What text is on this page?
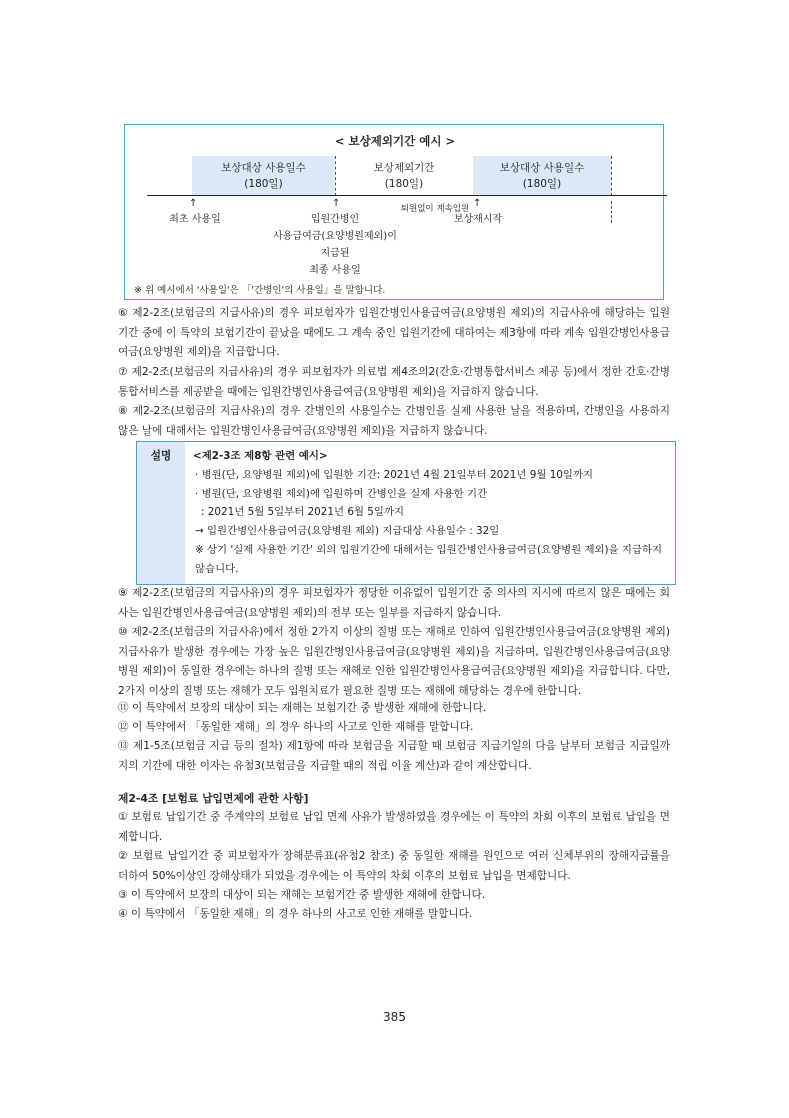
< 보상제외기간 예시 >
보상대상 사용일수
(180일)
보상제외기간
(180일)
보상대상 사용일수
(180일)
↑	↑	↑
최초 사용일	입원간병인
사용급여금(요양병원제외)이
지급된
최종 사용일
퇴원없이 계속입원
보상재시작
※ 위 예시에서 '사용일'은 「'간병인'의 사용일」을 말합니다.
⑥ 제2-2조(보험금의 지급사유)의 경우 피보험자가 입원간병인사용급여금(요양병원 제외)의 지급사유에 해당하는 입원기간 중에 이 특약의 보험기간이 끝났을 때에도 그 계속 중인 입원기간에 대하여는 제3항에 따라 계속 입원간병인사용급여금(요양병원 제외)을 지급합니다.
⑦ 제2-2조(보험금의 지급사유)의 경우 피보험자가 의료법 제4조의2(간호·간병통합서비스 제공 등)에서 정한 간호·간병통합서비스를 제공받을 때에는 입원간병인사용급여금(요양병원 제외)을 지급하지 않습니다.
⑧ 제2-2조(보험금의 지급사유)의 경우 간병인의 사용일수는 간병인을 실제 사용한 날을 적용하며, 간병인을 사용하지 않은 날에 대해서는 입원간병인사용급여금(요양병원 제외)을 지급하지 않습니다.
설명	<제2-3조 제8항 관련 예시>
· 병원(단, 요양병원 제외)에 입원한 기간: 2021년 4월 21일부터 2021년 9월 10일까지
· 병원(단, 요양병원 제외)에 입원하며 간병인을 실제 사용한 기간
: 2021년 5월 5일부터 2021년 6월 5일까지
→ 입원간병인사용급여금(요양병원 제외) 지급대상 사용일수 : 32일
※ 상기 '실제 사용한 기간' 외의 입원기간에 대해서는 입원간병인사용급여금(요양병원 제외)을 지급하지 않습니다.
⑨ 제2-2조(보험금의 지급사유)의 경우 피보험자가 정당한 이유없이 입원기간 중 의사의 지시에 따르지 않은 때에는 회사는 입원간병인사용급여금(요양병원 제외)의 전부 또는 일부를 지급하지 않습니다.
⑩ 제2-2조(보험금의 지급사유)에서 정한 2가지 이상의 질병 또는 재해로 인하여 입원간병인사용급여금(요양병원 제외) 지급사유가 발생한 경우에는 가장 높은 입원간병인사용급여금(요양병원 제외)을 지급하며, 입원간병인사용급여금(요양병원 제외)이 동일한 경우에는 하나의 질병 또는 재해로 인한 입원간병인사용급여금(요양병원 제외)을 지급합니다. 다만, 2가지 이상의 질병 또는 재해가 모두 입원치료가 필요한 질병 또는 재해에 해당하는 경우에 한합니다.
⑪ 이 특약에서 보장의 대상이 되는 재해는 보험기간 중 발생한 재해에 한합니다.
⑫ 이 특약에서 「동일한 재해」의 경우 하나의 사고로 인한 재해를 말합니다.
⑬ 제1-5조(보험금 지급 등의 절차) 제1항에 따라 보험금을 지급할 때 보험금 지급기일의 다음 날부터 보험금 지급일까지의 기간에 대한 이자는 유첨3(보험금을 지급할 때의 적립 이율 계산)과 같이 계산합니다.
제2-4조 [보험료 납입면제에 관한 사항]
① 보험료 납입기간 중 주계약의 보험료 납입 면제 사유가 발생하였을 경우에는 이 특약의 차회 이후의 보험료 납입을 면제합니다.
② 보험료 납입기간 중 피보험자가 장해분류표(유첨2 참조) 중 동일한 재해를 원인으로 여러 신체부위의 장해지급률을 더하여 50%이상인 장해상태가 되었을 경우에는 이 특약의 차회 이후의 보험료 납입을 면제합니다.
③ 이 특약에서 보장의 대상이 되는 재해는 보험기간 중 발생한 재해에 한합니다.
④ 이 특약에서 「동일한 재해」의 경우 하나의 사고로 인한 재해를 말합니다.
385
